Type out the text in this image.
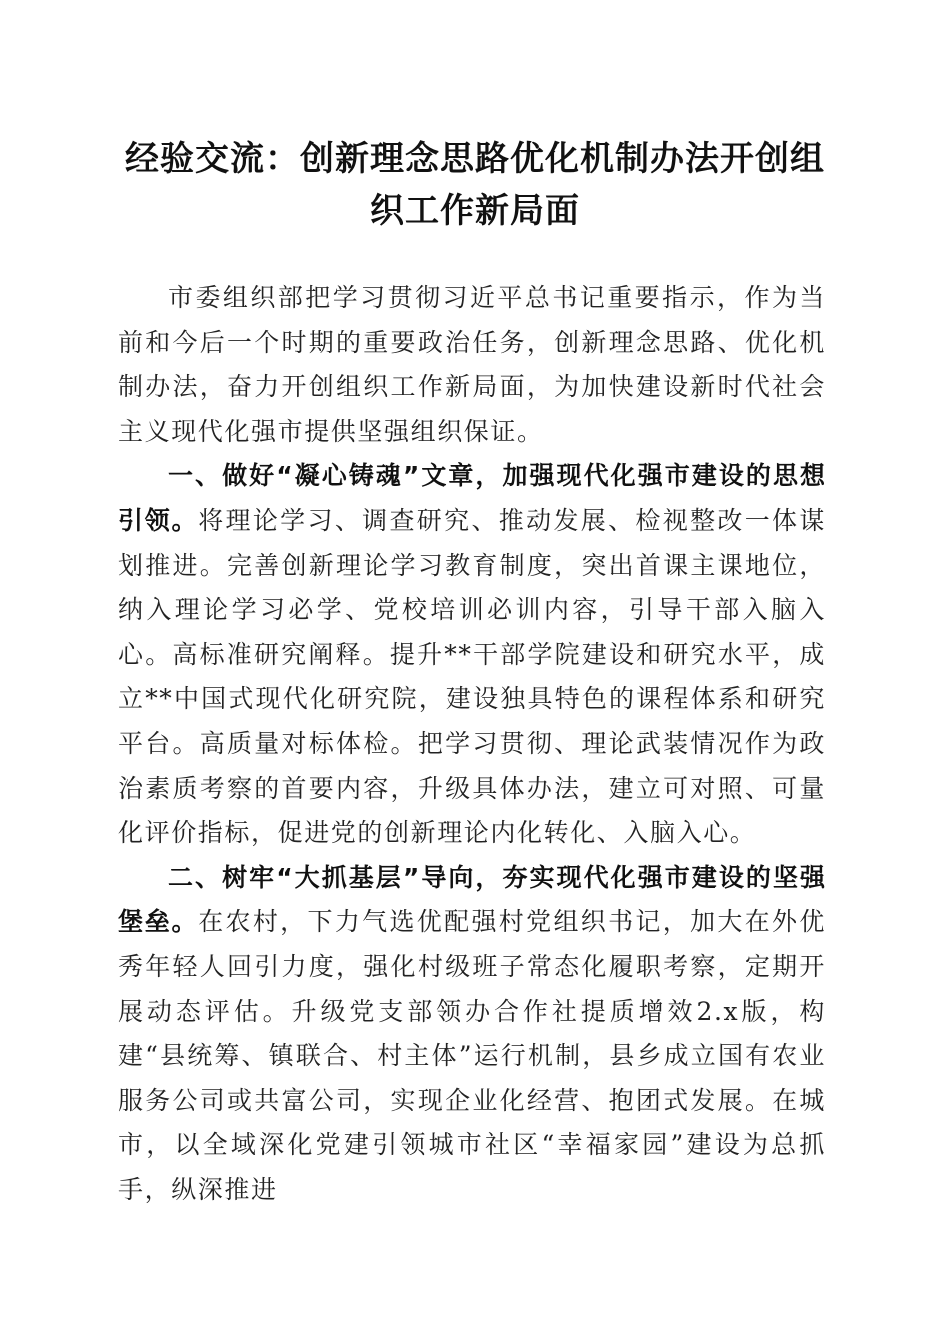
经验交流：创新理念思路优化机制办法开创组织工作新局面

市委组织部把学习贯彻习近平总书记重要指示，作为当前和今后一个时期的重要政治任务，创新理念思路、优化机制办法，奋力开创组织工作新局面，为加快建设新时代社会主义现代化强市提供坚强组织保证。

一、做好“凝心铸魂”文章，加强现代化强市建设的思想引领。将理论学习、调查研究、推动发展、检视整改一体谋划推进。完善创新理论学习教育制度，突出首课主课地位，纳入理论学习必学、党校培训必训内容，引导干部入脑入心。高标准研究阐释。提升**干部学院建设和研究水平，成立**中国式现代化研究院，建设独具特色的课程体系和研究平台。高质量对标体检。把学习贯彻、理论武装情况作为政治素质考察的首要内容，升级具体办法，建立可对照、可量化评价指标，促进党的创新理论内化转化、入脑入心。

二、树牢“大抓基层”导向，夯实现代化强市建设的坚强堡垒。在农村，下力气选优配强村党组织书记，加大在外优秀年轻人回引力度，强化村级班子常态化履职考察，定期开展动态评估。升级党支部领办合作社提质增效2.x版，构建“县统筹、镇联合、村主体”运行机制，县乡成立国有农业服务公司或共富公司，实现企业化经营、抱团式发展。在城市，以全域深化党建引领城市社区“幸福家园”建设为总抓手，纵深推进
